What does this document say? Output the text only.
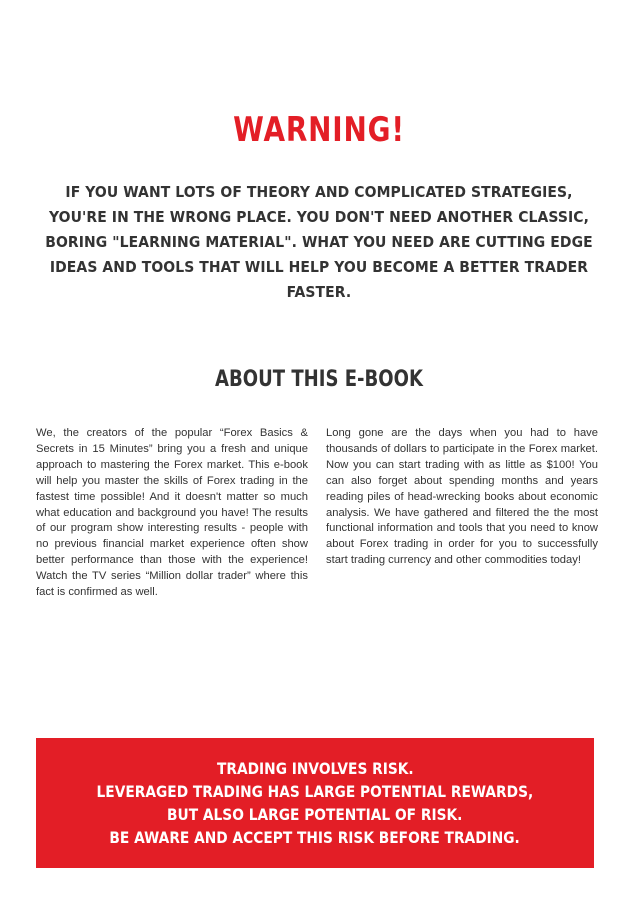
WARNING!

IF YOU WANT LOTS OF THEORY AND COMPLICATED STRATEGIES, YOU'RE IN THE WRONG PLACE. YOU DON'T NEED ANOTHER CLASSIC, BORING "LEARNING MATERIAL". WHAT YOU NEED ARE CUTTING EDGE IDEAS AND TOOLS THAT WILL HELP YOU BECOME A BETTER TRADER FASTER.

ABOUT THIS E-BOOK

We, the creators of the popular “Forex Basics & Secrets in 15 Minutes” bring you a fresh and unique approach to mastering the Forex market. This e-book will help you master the skills of Forex trading in the fastest time possible! And it doesn't matter so much what education and background you have! The results of our program show interesting results - people with no previous financial market experience often show better performance than those with the experience! Watch the TV series “Million dollar trader” where this fact is confirmed as well.

Long gone are the days when you had to have thousands of dollars to participate in the Forex market. Now you can start trading with as little as $100! You can also forget about spending months and years reading piles of head-wrecking books about economic analysis. We have gathered and filtered the the most functional information and tools that you need to know about Forex trading in order for you to successfully start trading currency and other commodities today!

TRADING INVOLVES RISK.
LEVERAGED TRADING HAS LARGE POTENTIAL REWARDS,
BUT ALSO LARGE POTENTIAL OF RISK.
BE AWARE AND ACCEPT THIS RISK BEFORE TRADING.
